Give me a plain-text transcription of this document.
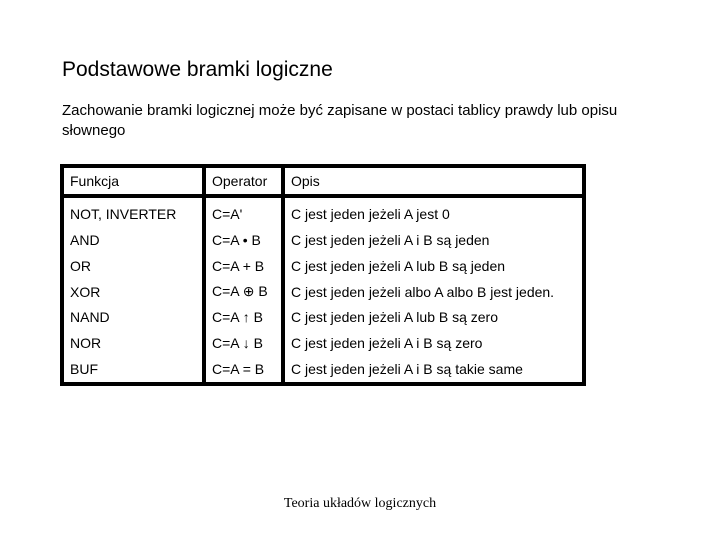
Podstawowe bramki logiczne
Zachowanie bramki logicznej może być zapisane w postaci tablicy prawdy lub opisu słownego
Funkcja	Operator	Opis
NOT, INVERTER	C=A'	C jest jeden jeżeli A jest 0
AND	C=A • B	C jest jeden jeżeli A i B są jeden
OR	C=A + B	C jest jeden jeżeli A lub B są jeden
XOR	C=A ⊕ B	C jest jeden jeżeli albo A albo B jest jeden.
NAND	C=A ↑ B	C jest jeden jeżeli A lub B są zero
NOR	C=A ↓ B	C jest jeden jeżeli A i B są zero
BUF	C=A = B	C jest jeden jeżeli A i B są takie same
Teoria układów logicznych
